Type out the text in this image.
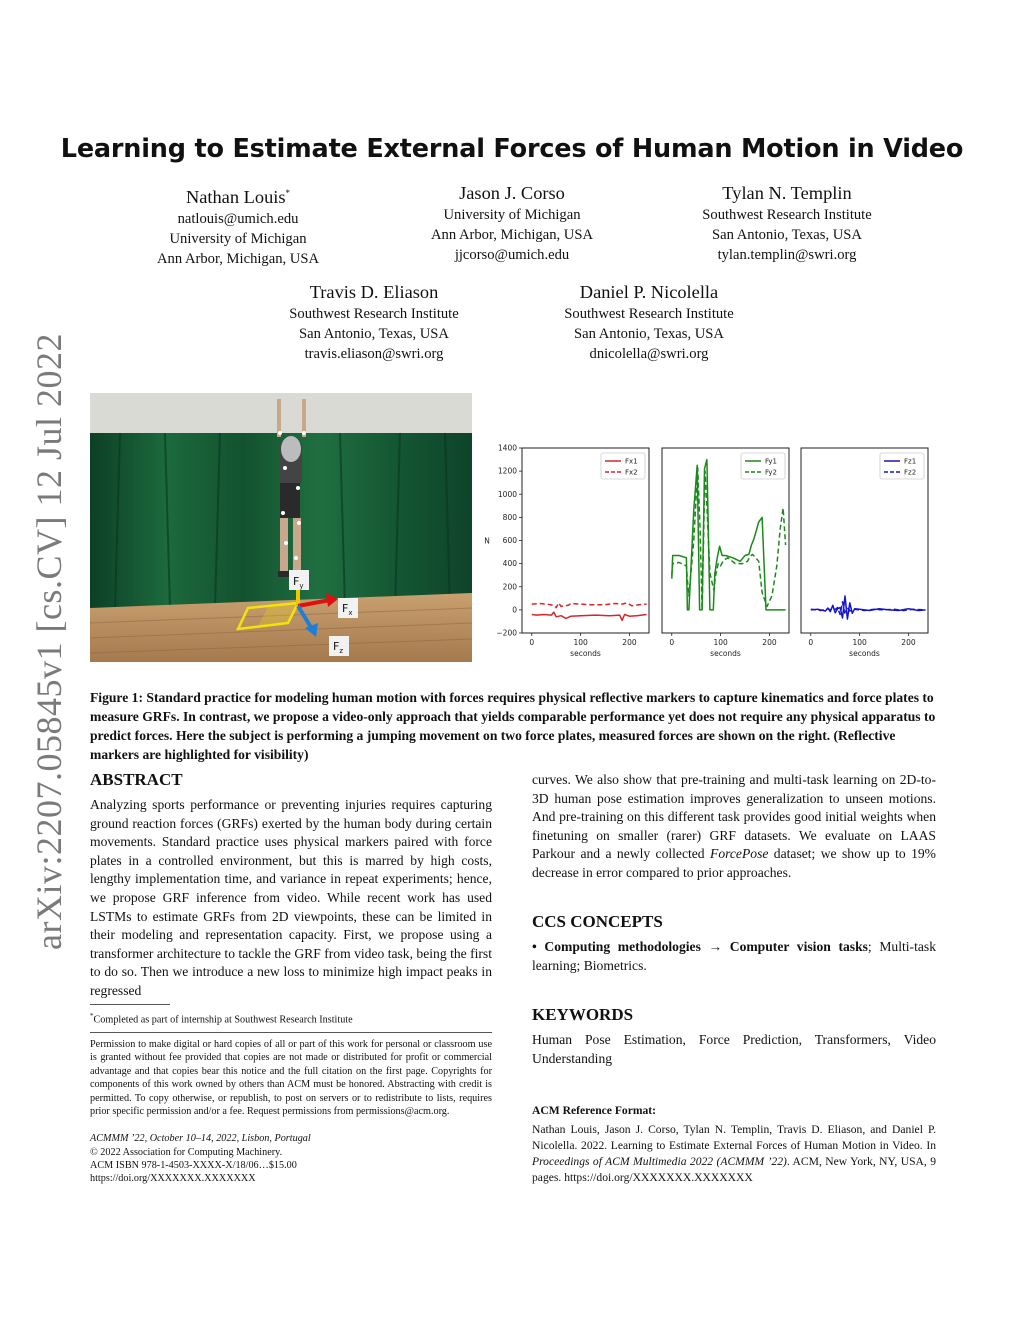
Learning to Estimate External Forces of Human Motion in Video
Nathan Louis*
natlouis@umich.edu
University of Michigan
Ann Arbor, Michigan, USA
Jason J. Corso
University of Michigan
Ann Arbor, Michigan, USA
jjcorso@umich.edu
Tylan N. Templin
Southwest Research Institute
San Antonio, Texas, USA
tylan.templin@swri.org
Travis D. Eliason
Southwest Research Institute
San Antonio, Texas, USA
travis.eliason@swri.org
Daniel P. Nicolella
Southwest Research Institute
San Antonio, Texas, USA
dnicolella@swri.org
arXiv:2207.05845v1 [cs.CV] 12 Jul 2022	$F_y$
$F_x$
$F_z$
0	100	200
seconds
−200
0
200
400
600
800
1000
1200
1400
N
Fx1
Fx2
0	100	200
seconds
Fy1
Fy2
0	100	200
seconds
Fz1
Fz2
Figure 1: Standard practice for modeling human motion with forces requires physical reflective markers to capture kinematics and force plates to measure GRFs. In contrast, we propose a video-only approach that yields comparable performance yet does not require any physical apparatus to predict forces. Here the subject is performing a jumping movement on two force plates, measured forces are shown on the right. (Reflective markers are highlighted for visibility)
ABSTRACT
Analyzing sports performance or preventing injuries requires capturing ground reaction forces (GRFs) exerted by the human body during certain movements. Standard practice uses physical markers paired with force plates in a controlled environment, but this is marred by high costs, lengthy implementation time, and variance in repeat experiments; hence, we propose GRF inference from video. While recent work has used LSTMs to estimate GRFs from 2D viewpoints, these can be limited in their modeling and representation capacity. First, we propose using a transformer architecture to tackle the GRF from video task, being the first to do so. Then we introduce a new loss to minimize high impact peaks in regressed
*Completed as part of internship at Southwest Research Institute
Permission to make digital or hard copies of all or part of this work for personal or classroom use is granted without fee provided that copies are not made or distributed for profit or commercial advantage and that copies bear this notice and the full citation on the first page. Copyrights for components of this work owned by others than ACM must be honored. Abstracting with credit is permitted. To copy otherwise, or republish, to post on servers or to redistribute to lists, requires prior specific permission and/or a fee. Request permissions from permissions@acm.org.
ACMMM ’22, October 10–14, 2022, Lisbon, Portugal
© 2022 Association for Computing Machinery.
ACM ISBN 978-1-4503-XXXX-X/18/06…$15.00
https://doi.org/XXXXXXX.XXXXXXX
curves. We also show that pre-training and multi-task learning on 2D-to-3D human pose estimation improves generalization to unseen motions. And pre-training on this different task provides good initial weights when finetuning on smaller (rarer) GRF datasets. We evaluate on LAAS Parkour and a newly collected ForcePose dataset; we show up to 19% decrease in error compared to prior approaches.
CCS CONCEPTS
• Computing methodologies → Computer vision tasks; Multi-task learning; Biometrics.
KEYWORDS
Human Pose Estimation, Force Prediction, Transformers, Video Understanding
ACM Reference Format:
Nathan Louis, Jason J. Corso, Tylan N. Templin, Travis D. Eliason, and Daniel P. Nicolella. 2022. Learning to Estimate External Forces of Human Motion in Video. In Proceedings of ACM Multimedia 2022 (ACMMM ’22). ACM, New York, NY, USA, 9 pages. https://doi.org/XXXXXXX.XXXXXXX
